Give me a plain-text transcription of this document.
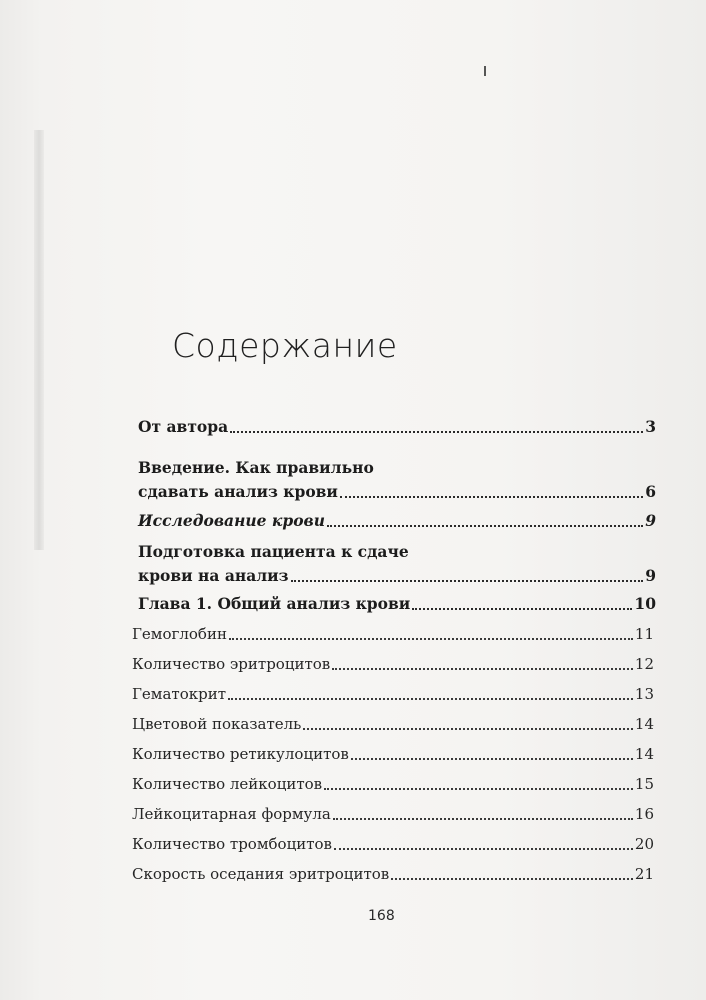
Содержание
От автора	3
Введение. Как правильно
сдавать анализ крови	6
Исследование крови	9
Подготовка пациента к сдаче
крови на анализ	9
Глава 1. Общий анализ крови	10
Гемоглобин	11
Количество эритроцитов	12
Гематокрит	13
Цветовой показатель	14
Количество ретикулоцитов	14
Количество лейкоцитов	15
Лейкоцитарная формула	16
Количество тромбоцитов	20
Скорость оседания эритроцитов	21
168
